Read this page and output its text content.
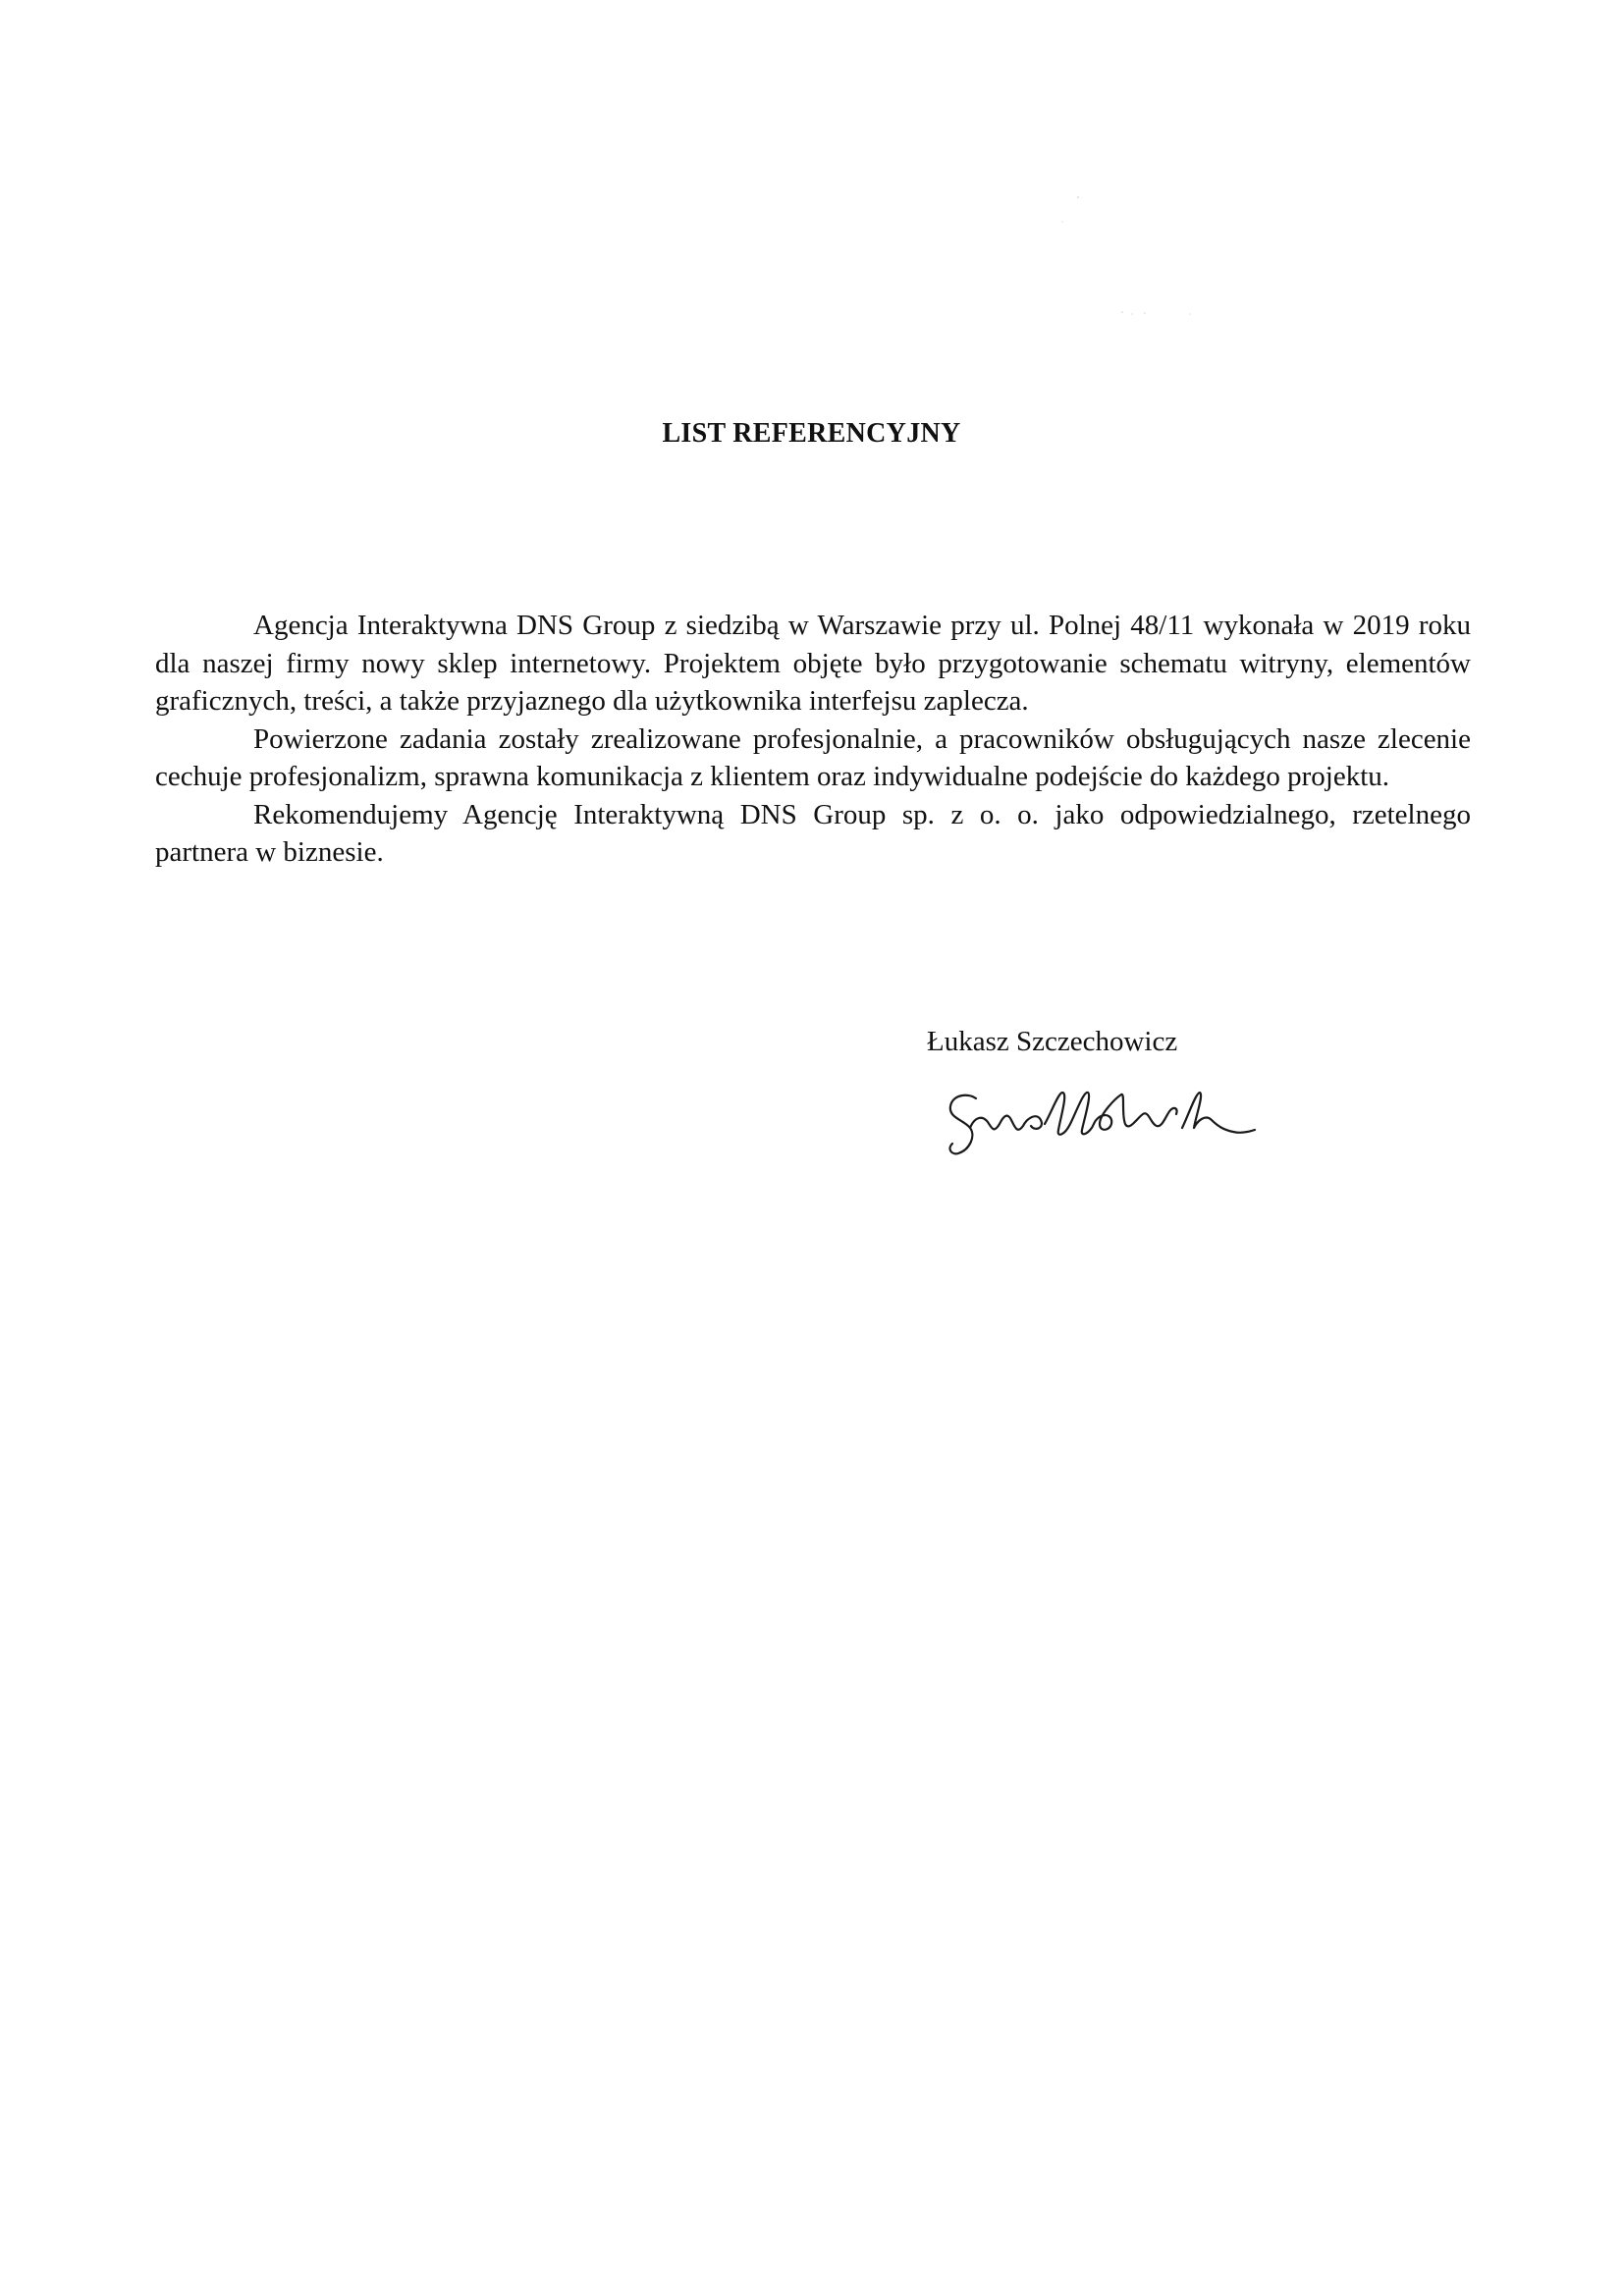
LIST REFERENCYJNY

Agencja Interaktywna DNS Group z siedzibą w Warszawie przy ul. Polnej 48/11 wykonała w 2019 roku dla naszej firmy nowy sklep internetowy. Projektem objęte było przygotowanie schematu witryny, elementów graficznych, treści, a także przyjaznego dla użytkownika interfejsu zaplecza.

Powierzone zadania zostały zrealizowane profesjonalnie, a pracowników obsługujących nasze zlecenie cechuje profesjonalizm, sprawna komunikacja z klientem oraz indywidualne podejście do każdego projektu.

Rekomendujemy Agencję Interaktywną DNS Group sp. z o. o. jako odpowiedzialnego, rzetelnego partnera w biznesie.

Łukasz Szczechowicz
